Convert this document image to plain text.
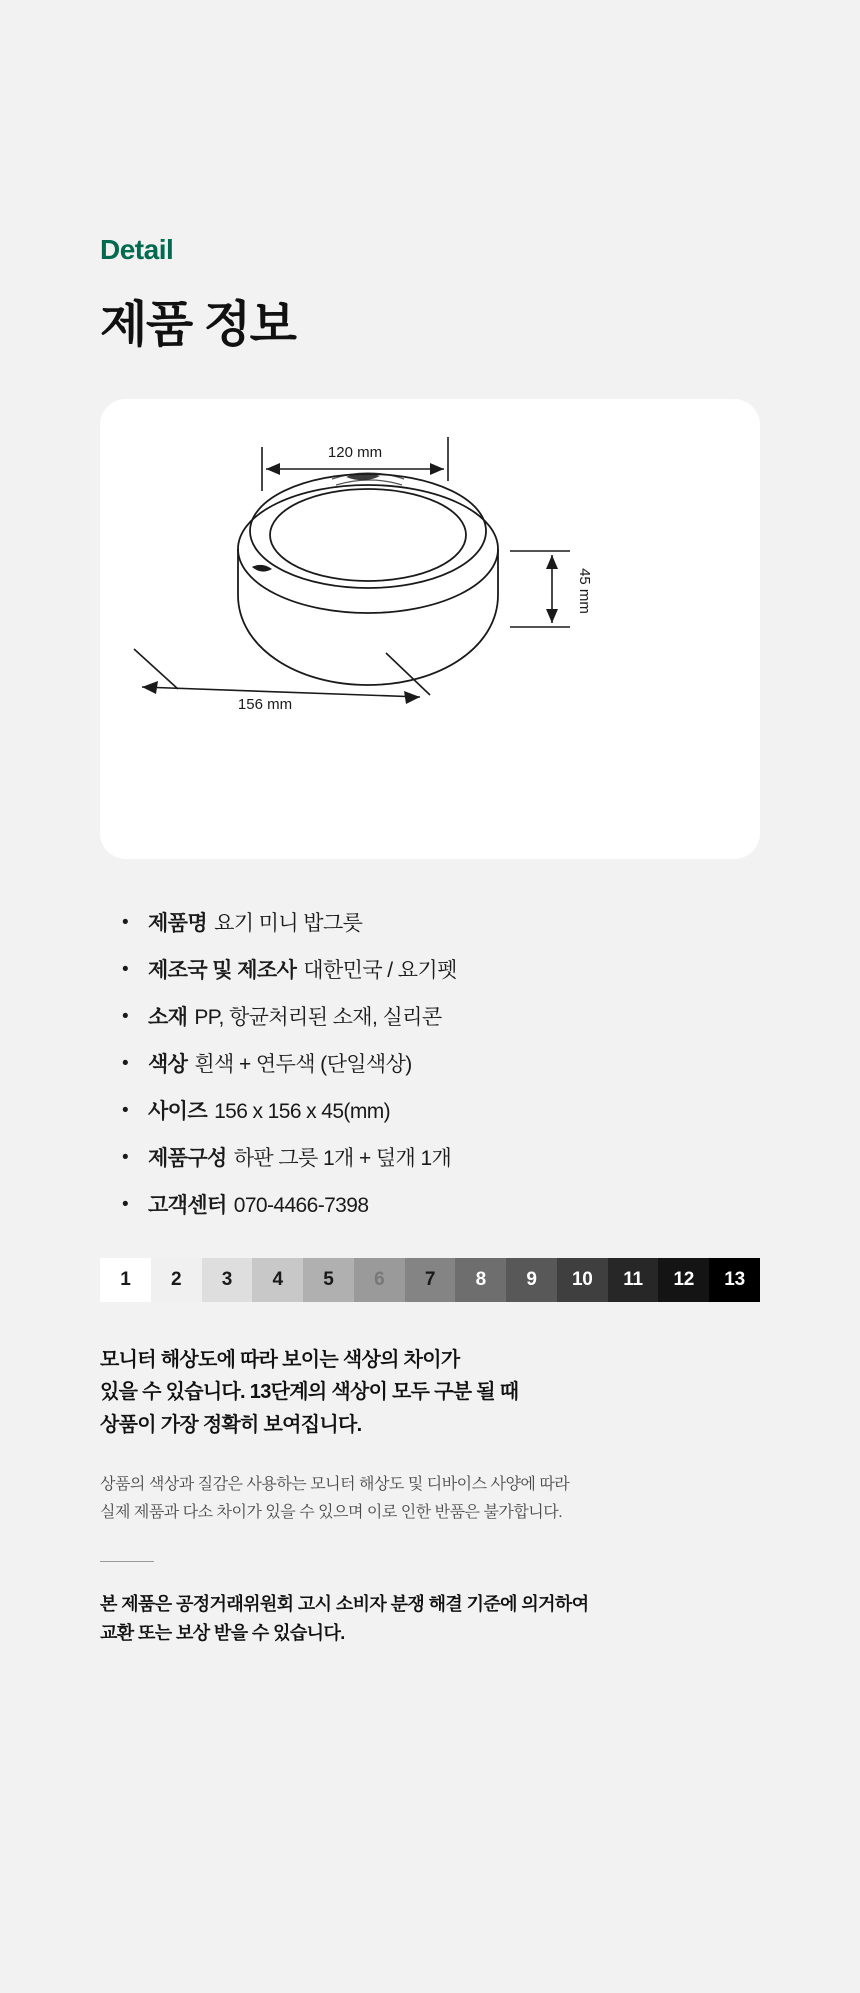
Detail
제품 정보
120 mm
45 mm
156 mm
• 제품명 요기 미니 밥그릇
• 제조국 및 제조사 대한민국 / 요기펫
• 소재 PP, 항균처리된 소재, 실리콘
• 색상 흰색 + 연두색 (단일색상)
• 사이즈 156 x 156 x 45(mm)
• 제품구성 하판 그릇 1개 + 덮개 1개
• 고객센터 070-4466-7398
1	2	3	4	5	6	7	8	9	10	11	12	13
모니터 해상도에 따라 보이는 색상의 차이가
있을 수 있습니다. 13단계의 색상이 모두 구분 될 때
상품이 가장 정확히 보여집니다.
상품의 색상과 질감은 사용하는 모니터 해상도 및 디바이스 사양에 따라
실제 제품과 다소 차이가 있을 수 있으며 이로 인한 반품은 불가합니다.
본 제품은 공정거래위원회 고시 소비자 분쟁 해결 기준에 의거하여
교환 또는 보상 받을 수 있습니다.
